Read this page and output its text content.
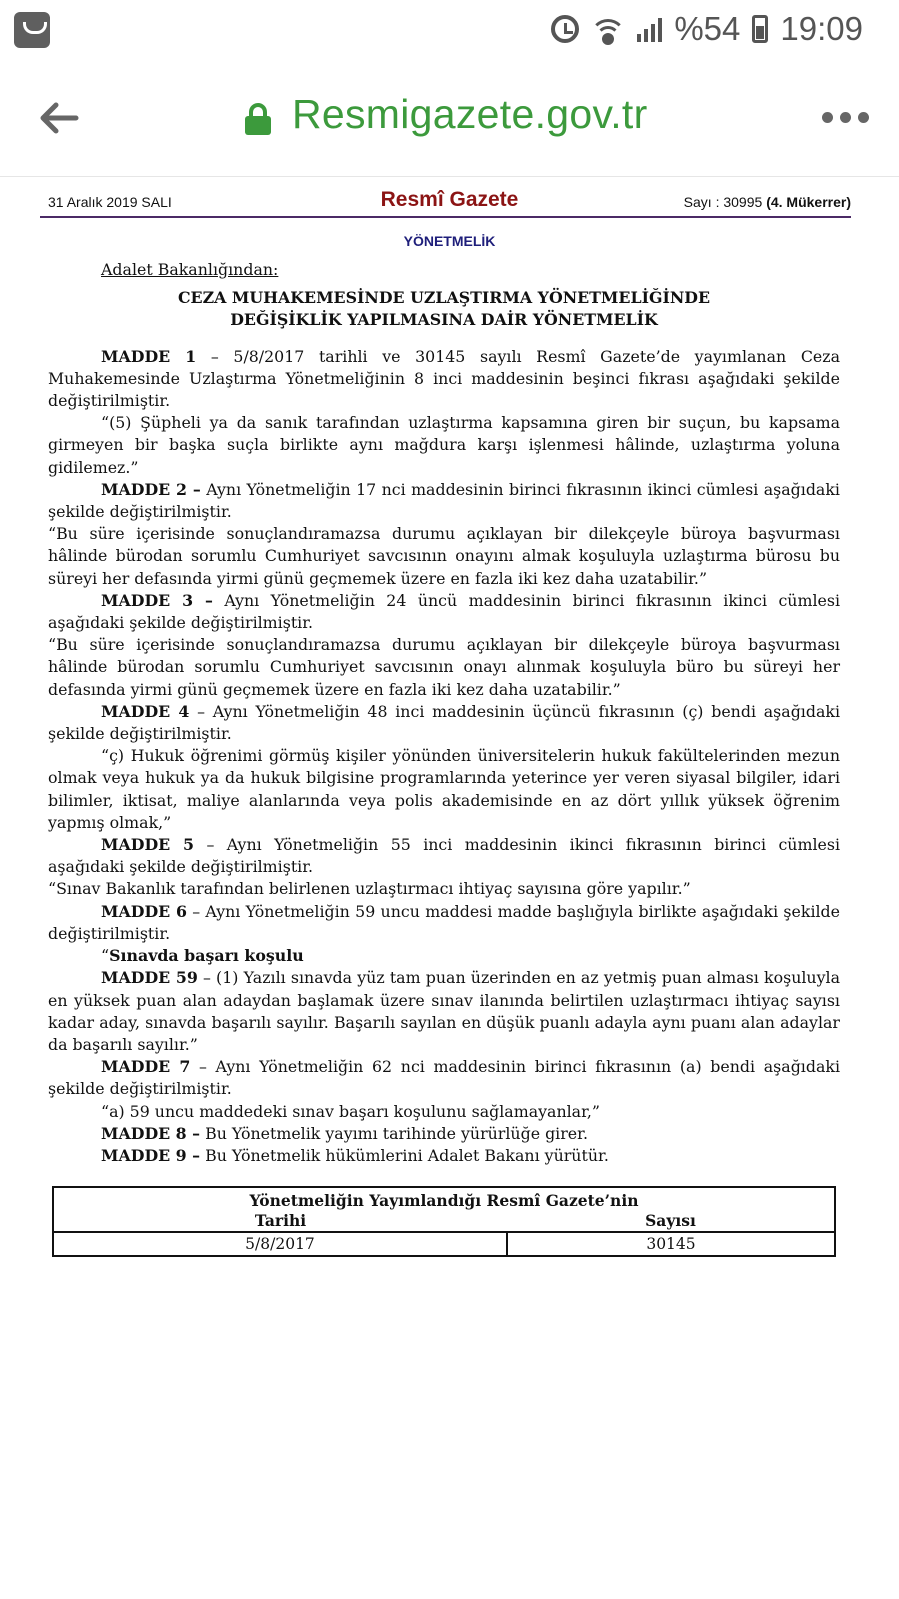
%54 19:09
Resmigazete.gov.tr
31 Aralık 2019 SALI	Resmî Gazete	Sayı : 30995 (4. Mükerrer)
YÖNETMELİK

Adalet Bakanlığından:

CEZA MUHAKEMESİNDE UZLAŞTIRMA YÖNETMELİĞİNDE

DEĞİŞİKLİK YAPILMASINA DAİR YÖNETMELİK

MADDE 1 – 5/8/2017 tarihli ve 30145 sayılı Resmî Gazete’de yayımlanan Ceza Muhakemesinde Uzlaştırma Yönetmeliğinin 8 inci maddesinin beşinci fıkrası aşağıdaki şekilde değiştirilmiştir.

“(5) Şüpheli ya da sanık tarafından uzlaştırma kapsamına giren bir suçun, bu kapsama girmeyen bir başka suçla birlikte aynı mağdura karşı işlenmesi hâlinde, uzlaştırma yoluna gidilemez.”

MADDE 2 – Aynı Yönetmeliğin 17 nci maddesinin birinci fıkrasının ikinci cümlesi aşağıdaki şekilde değiştirilmiştir.

“Bu süre içerisinde sonuçlandıramazsa durumu açıklayan bir dilekçeyle büroya başvurması hâlinde bürodan sorumlu Cumhuriyet savcısının onayını almak koşuluyla uzlaştırma bürosu bu süreyi her defasında yirmi günü geçmemek üzere en fazla iki kez daha uzatabilir.”

MADDE 3 – Aynı Yönetmeliğin 24 üncü maddesinin birinci fıkrasının ikinci cümlesi aşağıdaki şekilde değiştirilmiştir.

“Bu süre içerisinde sonuçlandıramazsa durumu açıklayan bir dilekçeyle büroya başvurması hâlinde bürodan sorumlu Cumhuriyet savcısının onayı alınmak koşuluyla büro bu süreyi her defasında yirmi günü geçmemek üzere en fazla iki kez daha uzatabilir.”

MADDE 4 – Aynı Yönetmeliğin 48 inci maddesinin üçüncü fıkrasının (ç) bendi aşağıdaki şekilde değiştirilmiştir.

“ç) Hukuk öğrenimi görmüş kişiler yönünden üniversitelerin hukuk fakültelerinden mezun olmak veya hukuk ya da hukuk bilgisine programlarında yeterince yer veren siyasal bilgiler, idari bilimler, iktisat, maliye alanlarında veya polis akademisinde en az dört yıllık yüksek öğrenim yapmış olmak,”

MADDE 5 – Aynı Yönetmeliğin 55 inci maddesinin ikinci fıkrasının birinci cümlesi aşağıdaki şekilde değiştirilmiştir.

“Sınav Bakanlık tarafından belirlenen uzlaştırmacı ihtiyaç sayısına göre yapılır.”

MADDE 6 – Aynı Yönetmeliğin 59 uncu maddesi madde başlığıyla birlikte aşağıdaki şekilde değiştirilmiştir.

“Sınavda başarı koşulu

MADDE 59 – (1) Yazılı sınavda yüz tam puan üzerinden en az yetmiş puan alması koşuluyla en yüksek puan alan adaydan başlamak üzere sınav ilanında belirtilen uzlaştırmacı ihtiyaç sayısı kadar aday, sınavda başarılı sayılır. Başarılı sayılan en düşük puanlı adayla aynı puanı alan adaylar da başarılı sayılır.”

MADDE 7 – Aynı Yönetmeliğin 62 nci maddesinin birinci fıkrasının (a) bendi aşağıdaki şekilde değiştirilmiştir.

“a) 59 uncu maddedeki sınav başarı koşulunu sağlamayanlar,”

MADDE 8 – Bu Yönetmelik yayımı tarihinde yürürlüğe girer.

MADDE 9 – Bu Yönetmelik hükümlerini Adalet Bakanı yürütür.

Yönetmeliğin Yayımlandığı Resmî Gazete’nin	
Tarihi	Sayısı
5/8/2017	30145
